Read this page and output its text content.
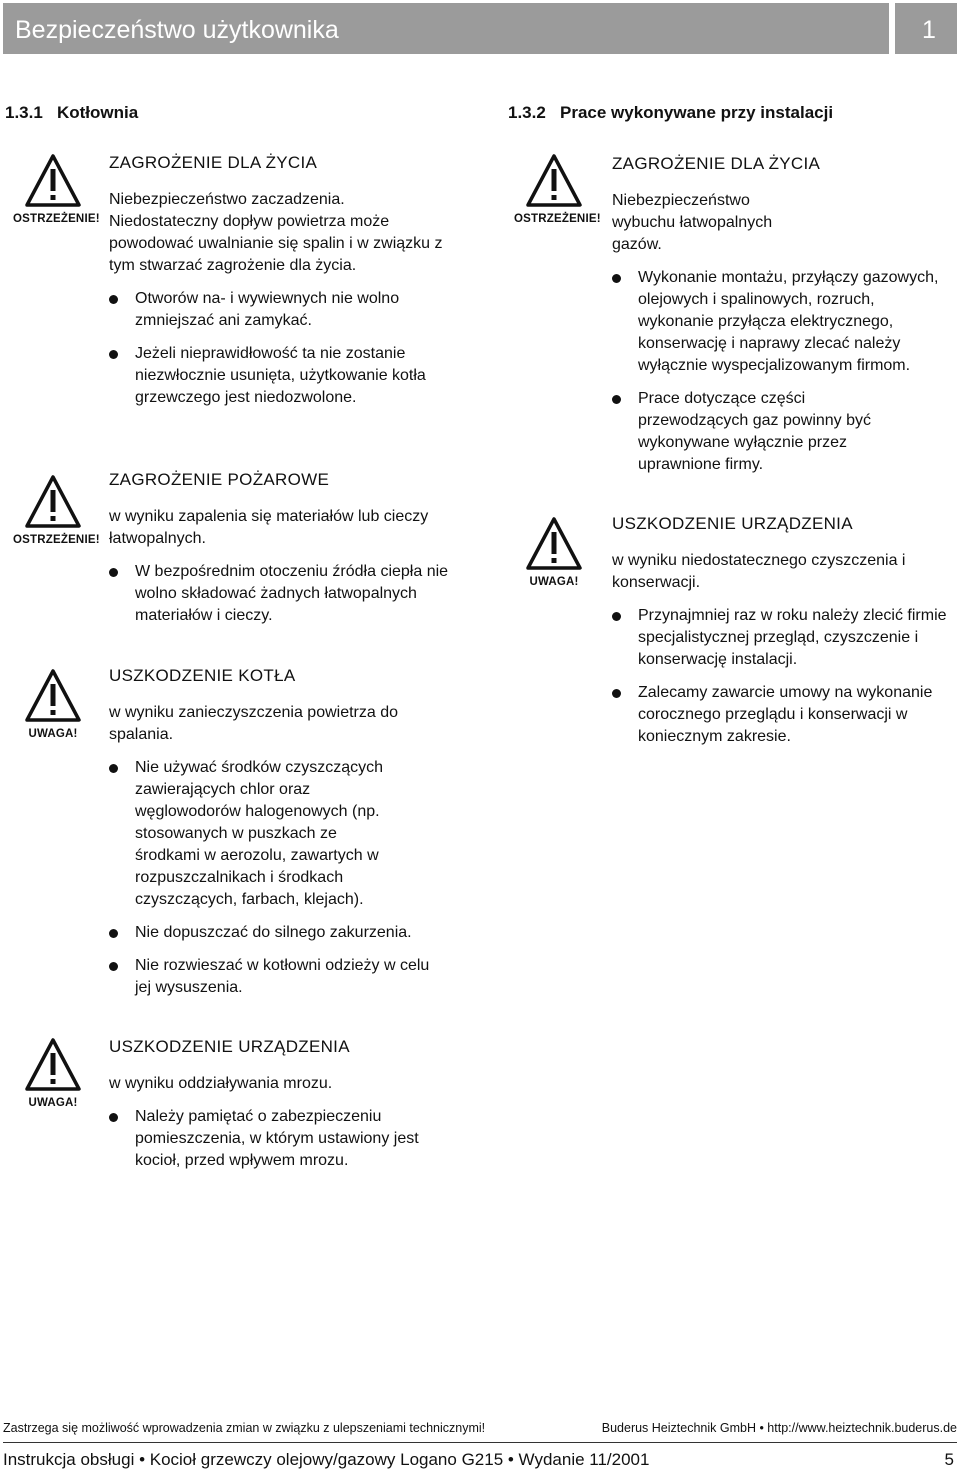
Bezpieczeństwo użytkownika	1
1.3.1 Kotłownia	1.3.2 Prace wykonywane przy instalacji
OSTRZEŻENIE!
OSTRZEŻENIE!
UWAGA!
UWAGA!
OSTRZEŻENIE!
UWAGA!
ZAGROŻENIE DLA ŻYCIA
Niebezpieczeństwo zaczadzenia. Niedostateczny dopływ powietrza może powodować uwalnianie się spalin i w związku z tym stwarzać zagrożenie dla życia.
Otworów na- i wywiewnych nie wolno zmniejszać ani zamykać.
Jeżeli nieprawidłowość ta nie zostanie niezwłocznie usunięta, użytkowanie kotła grzewczego jest niedozwolone.
ZAGROŻENIE POŻAROWE
w wyniku zapalenia się materiałów lub cieczy łatwopalnych.
W bezpośrednim otoczeniu źródła ciepła nie wolno składować żadnych łatwopalnych materiałów i cieczy.
USZKODZENIE KOTŁA
w wyniku zanieczyszczenia powietrza do spalania.
Nie używać środków czyszczących zawierających chlor oraz węglowodorów halogenowych (np. stosowanych w puszkach ze środkami w aerozolu, zawartych w rozpuszczalnikach i środkach czyszczących, farbach, klejach).
Nie dopuszczać do silnego zakurzenia.
Nie rozwieszać w kotłowni odzieży w celu jej wysuszenia.
USZKODZENIE URZĄDZENIA
w wyniku oddziaływania mrozu.
Należy pamiętać o zabezpieczeniu pomieszczenia, w którym ustawiony jest kocioł, przed wpływem mrozu.
ZAGROŻENIE DLA ŻYCIA
Niebezpieczeństwo wybuchu łatwopalnych gazów.
Wykonanie montażu, przyłączy gazowych, olejowych i spalinowych, rozruch, wykonanie przyłącza elektrycznego, konserwację i naprawy zlecać należy wyłącznie wyspecjalizowanym firmom.
Prace dotyczące części przewodzących gaz powinny być wykonywane wyłącznie przez uprawnione firmy.
USZKODZENIE URZĄDZENIA
w wyniku niedostatecznego czyszczenia i konserwacji.
Przynajmniej raz w roku należy zlecić firmie specjalistycznej przegląd, czyszczenie i konserwację instalacji.
Zalecamy zawarcie umowy na wykonanie corocznego przeglądu i konserwacji w koniecznym zakresie.
Zastrzega się możliwość wprowadzenia zmian w związku z ulepszeniami technicznymi!	Buderus Heiztechnik GmbH • http://www.heiztechnik.buderus.de
Instrukcja obsługi • Kocioł grzewczy olejowy/gazowy Logano G215 • Wydanie 11/2001	5
